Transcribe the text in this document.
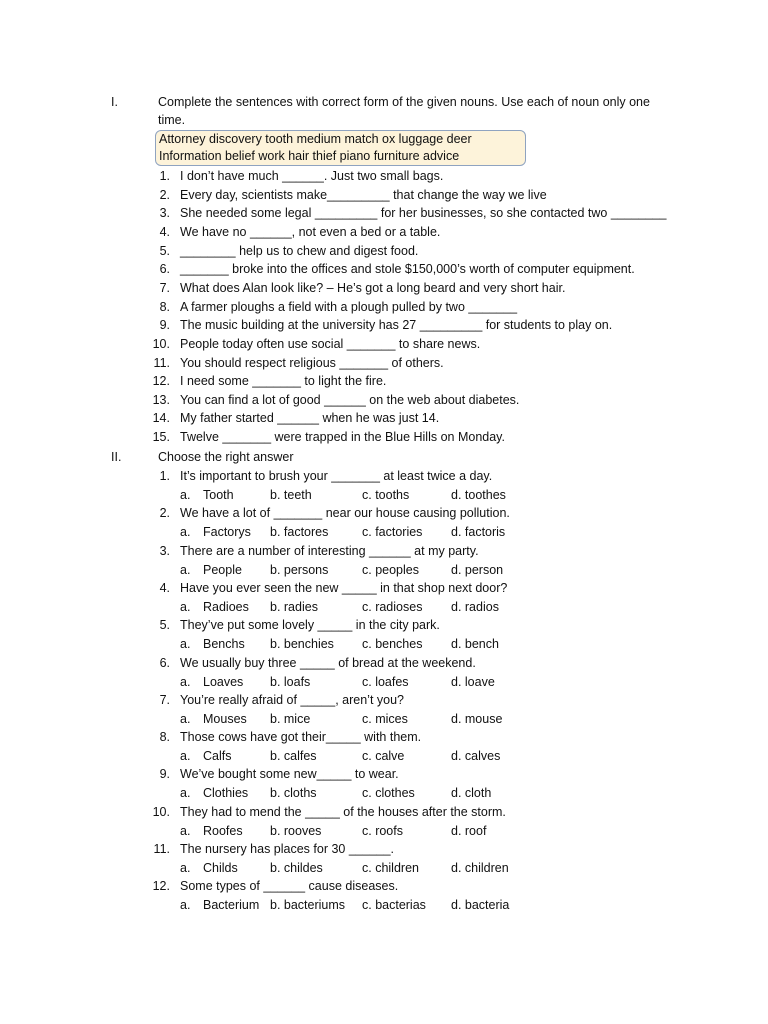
I.	Complete the sentences with correct form of the given nouns. Use each of noun only one
time.
Attorney discovery tooth medium match ox luggage deer
Information belief work hair thief piano furniture advice
1. I don’t have much ______. Just two small bags.
2. Every day, scientists make_________ that change the way we live
3. She needed some legal _________ for her businesses, so she contacted two ________
4. We have no ______, not even a bed or a table.
5. ________ help us to chew and digest food.
6. _______ broke into the offices and stole $150,000’s worth of computer equipment.
7. What does Alan look like? – He’s got a long beard and very short hair.
8. A farmer ploughs a field with a plough pulled by two _______
9. The music building at the university has 27 _________ for students to play on.
10. People today often use social _______ to share news.
11. You should respect religious _______ of others.
12. I need some _______ to light the fire.
13. You can find a lot of good ______ on the web about diabetes.
14. My father started ______ when he was just 14.
15. Twelve _______ were trapped in the Blue Hills on Monday.
II.	Choose the right answer
1. It’s important to brush your _______ at least twice a day.
a. Tooth	b. teeth	c. tooths	d. toothes
2. We have a lot of _______ near our house causing pollution.
a. Factorys b. factores	c. factories d. factoris
3. There are a number of interesting ______ at my party.
a. People b. persons	c. peoples	d. person
4. Have you ever seen the new _____ in that shop next door?
a. Radioes b. radies	c. radioses d. radios
5. They’ve put some lovely _____ in the city park.
a. Benchs b. benchies c. benches d. bench
6. We usually buy three _____ of bread at the weekend.
a. Loaves b. loafs	c. loafes	d. loave
7. You’re really afraid of _____, aren’t you?
a. Mouses b. mice	c. mices	d. mouse
8. Those cows have got their_____ with them.
a. Calfs	b. calfes	c. calve	d. calves
9. We’ve bought some new_____ to wear.
a. Clothies b. cloths	c. clothes	d. cloth
10. They had to mend the _____ of the houses after the storm.
a. Roofes b. rooves	c. roofs	d. roof
11. The nursery has places for 30 ______.
a. Childs	b. childes	c. children	d. children
12. Some types of ______ cause diseases.
a. Bacterium b. bacteriums c. bacterias d. bacteria
